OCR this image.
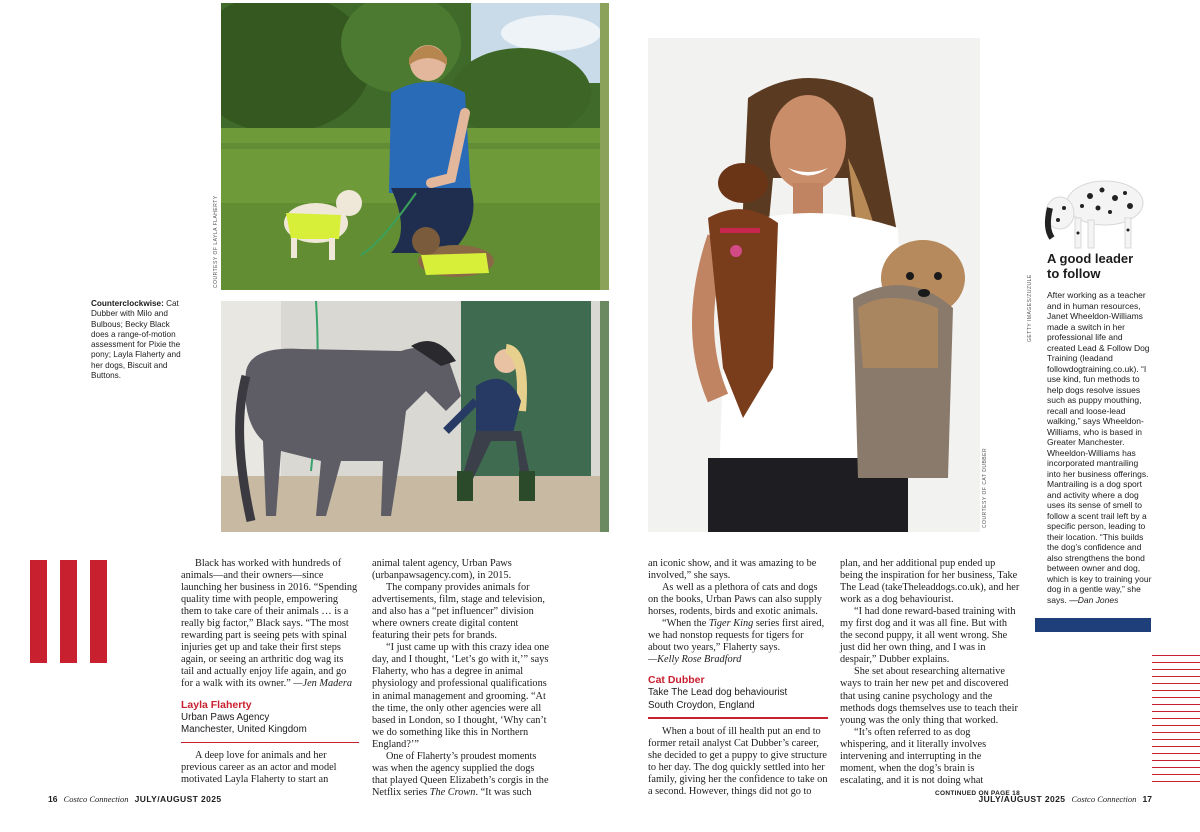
COURTESY OF LAYLA FLAHERTY
Counterclockwise: Cat Dubber with Milo and Bulbous; Becky Black does a range-of-motion assessment for Pixie the pony; Layla Flaherty and her dogs, Biscuit and Buttons.
COURTESY OF CAT DUBBER
GETTY IMAGES/ZUZULE
A good leader
to follow
After working as a teacher and in human resources, Janet Wheeldon-Williams made a switch in her professional life and created Lead & Follow Dog Training (leadand followdogtraining.co.uk). “I use kind, fun methods to help dogs resolve issues such as puppy mouthing, recall and loose-lead walking,” says Wheeldon-Williams, who is based in Greater Manchester. Wheeldon-Williams has incorporated mantrailing into her business offerings. Mantrailing is a dog sport and activity where a dog uses its sense of smell to follow a scent trail left by a specific person, leading to their location. “This builds the dog’s confidence and also strengthens the bond between owner and dog, which is key to training your dog in a gentle way,” she says. —Dan Jones

Black has worked with hundreds of animals—and their owners—since launching her business in 2016. “Spending quality time with people, empowering them to take care of their animals … is a really big factor,” Black says. “The most rewarding part is seeing pets with spinal injuries get up and take their first steps again, or seeing an arthritic dog wag its tail and actually enjoy life again, and go for a walk with its owner.” —Jen Madera

Layla Flaherty
Urban Paws Agency
Manchester, United Kingdom

A deep love for animals and her previous career as an actor and model motivated Layla Flaherty to start an

animal talent agency, Urban Paws (urbanpawsagency.com), in 2015.

The company provides animals for advertisements, film, stage and television, and also has a “pet influencer” division where owners create digital content featuring their pets for brands.

“I just came up with this crazy idea one day, and I thought, ‘Let’s go with it,’” says Flaherty, who has a degree in animal physiology and professional qualifications in animal management and grooming. “At the time, the only other agencies were all based in London, so I thought, ‘Why can’t we do something like this in Northern England?’”

One of Flaherty’s proudest moments was when the agency supplied the dogs that played Queen Elizabeth’s corgis in the Netflix series The Crown. “It was such

an iconic show, and it was amazing to be involved,” she says.

As well as a plethora of cats and dogs on the books, Urban Paws can also supply horses, rodents, birds and exotic animals.

“When the Tiger King series first aired, we had nonstop requests for tigers for about two years,” Flaherty says.

—Kelly Rose Bradford

Cat Dubber
Take The Lead dog behaviourist
South Croydon, England

When a bout of ill health put an end to former retail analyst Cat Dubber’s career, she decided to get a puppy to give structure to her day. The dog quickly settled into her family, giving her the confidence to take on a second. However, things did not go to

plan, and her additional pup ended up being the inspiration for her business, Take The Lead (takeTheleaddogs.co.uk), and her work as a dog behaviourist.

“I had done reward-based training with my first dog and it was all fine. But with the second puppy, it all went wrong. She just did her own thing, and I was in despair,” Dubber explains.

She set about researching alternative ways to train her new pet and discovered that using canine psychology and the methods dogs themselves use to teach their young was the only thing that worked.

“It’s often referred to as dog whispering, and it literally involves intervening and interrupting in the moment, when the dog’s brain is escalating, and it is not doing what

CONTINUED ON PAGE 18
16 Costco Connection JULY/AUGUST 2025	JULY/AUGUST 2025 Costco Connection 17
